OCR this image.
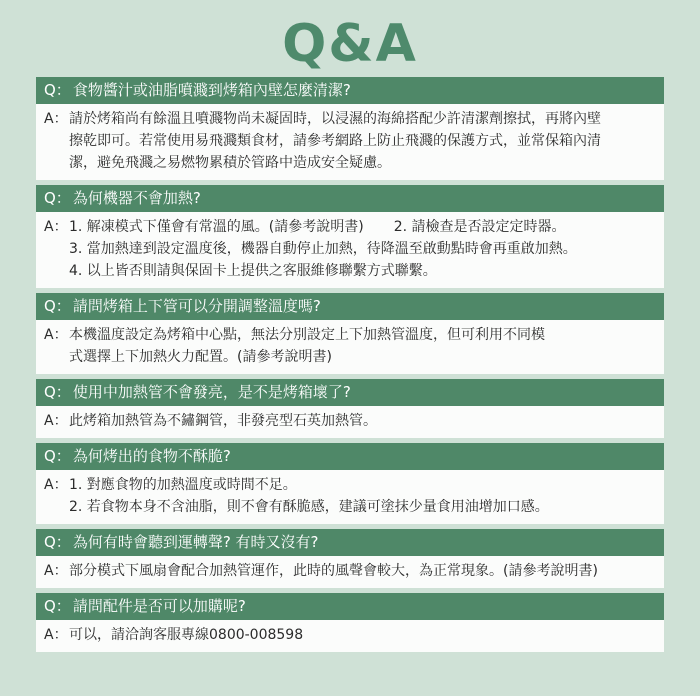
Q&A
Q： 食物醬汁或油脂噴濺到烤箱內壁怎麼清潔?
A： 請於烤箱尚有餘溫且噴濺物尚未凝固時，以浸濕的海綿搭配少許清潔劑擦拭，再將內壁
擦乾即可。若常使用易飛濺類食材，請參考網路上防止飛濺的保護方式，並常保箱內清
潔，避免飛濺之易燃物累積於管路中造成安全疑慮。
Q： 為何機器不會加熱?
A： 1. 解凍模式下僅會有常溫的風。(請參考說明書) 2. 請檢查是否設定定時器。
3. 當加熱達到設定溫度後，機器自動停止加熱，待降溫至啟動點時會再重啟加熱。
4. 以上皆否則請與保固卡上提供之客服維修聯繫方式聯繫。
Q： 請問烤箱上下管可以分開調整溫度嗎?
A： 本機溫度設定為烤箱中心點，無法分別設定上下加熱管溫度，但可利用不同模
式選擇上下加熱火力配置。(請參考說明書)
Q： 使用中加熱管不會發亮，是不是烤箱壞了?
A： 此烤箱加熱管為不鏽鋼管，非發亮型石英加熱管。
Q： 為何烤出的食物不酥脆?
A： 1. 對應食物的加熱溫度或時間不足。
2. 若食物本身不含油脂，則不會有酥脆感，建議可塗抹少量食用油增加口感。
Q： 為何有時會聽到運轉聲? 有時又沒有?
A： 部分模式下風扇會配合加熱管運作，此時的風聲會較大，為正常現象。(請參考說明書)
Q： 請問配件是否可以加購呢?
A： 可以，請洽詢客服專線0800-008598
